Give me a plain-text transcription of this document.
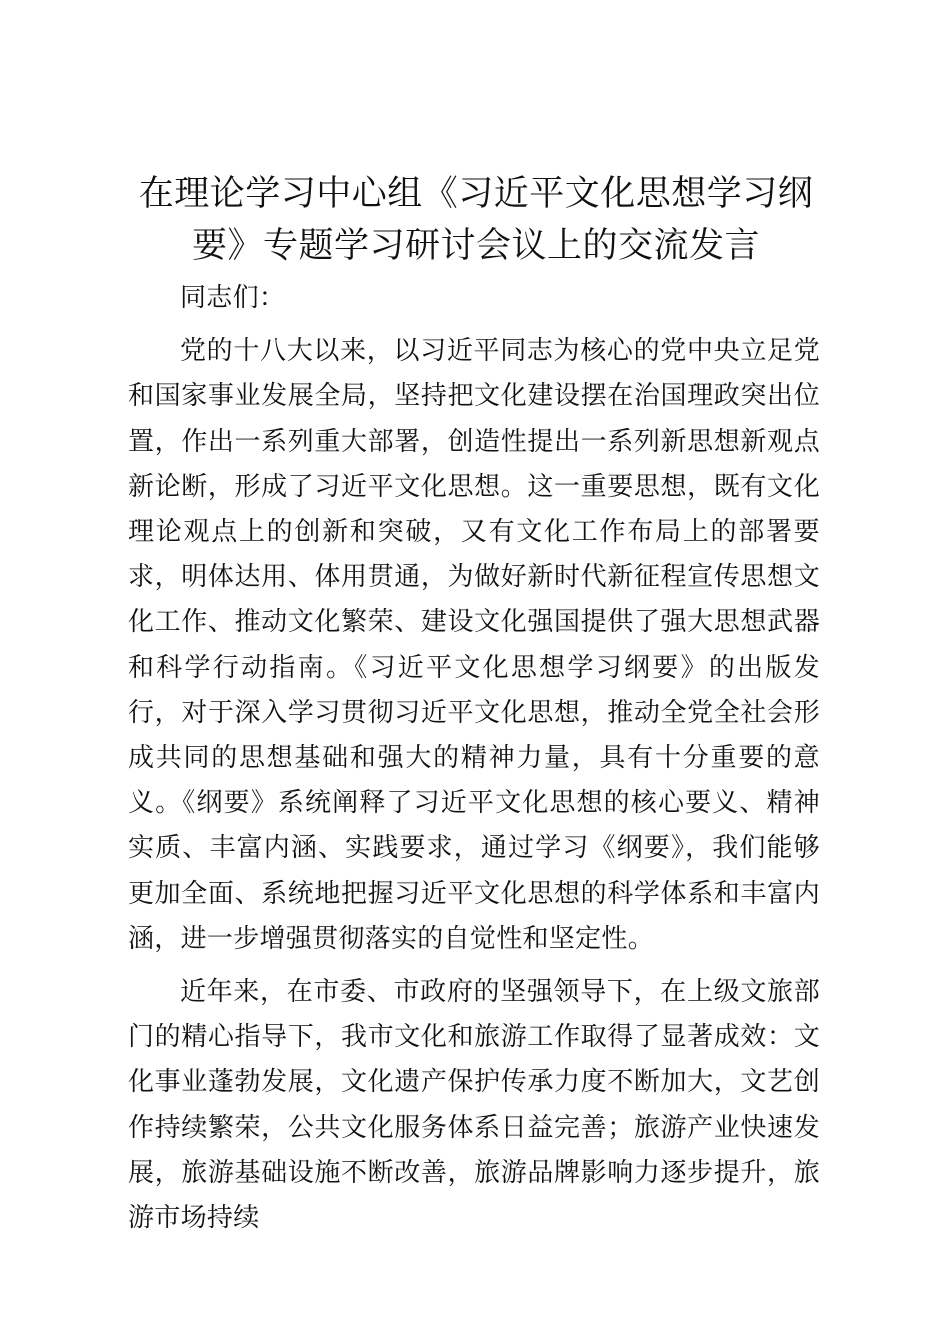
在理论学习中心组《习近平文化思想学习纲要》专题学习研讨会议上的交流发言

同志们：

党的十八大以来，以习近平同志为核心的党中央立足党和国家事业发展全局，坚持把文化建设摆在治国理政突出位置，作出一系列重大部署，创造性提出一系列新思想新观点新论断，形成了习近平文化思想。这一重要思想，既有文化理论观点上的创新和突破，又有文化工作布局上的部署要求，明体达用、体用贯通，为做好新时代新征程宣传思想文化工作、推动文化繁荣、建设文化强国提供了强大思想武器和科学行动指南。《习近平文化思想学习纲要》的出版发行，对于深入学习贯彻习近平文化思想，推动全党全社会形成共同的思想基础和强大的精神力量，具有十分重要的意义。《纲要》系统阐释了习近平文化思想的核心要义、精神实质、丰富内涵、实践要求，通过学习《纲要》，我们能够更加全面、系统地把握习近平文化思想的科学体系和丰富内涵，进一步增强贯彻落实的自觉性和坚定性。

近年来，在市委、市政府的坚强领导下，在上级文旅部门的精心指导下，我市文化和旅游工作取得了显著成效：文化事业蓬勃发展，文化遗产保护传承力度不断加大，文艺创作持续繁荣，公共文化服务体系日益完善；旅游产业快速发展，旅游基础设施不断改善，旅游品牌影响力逐步提升，旅游市场持续
